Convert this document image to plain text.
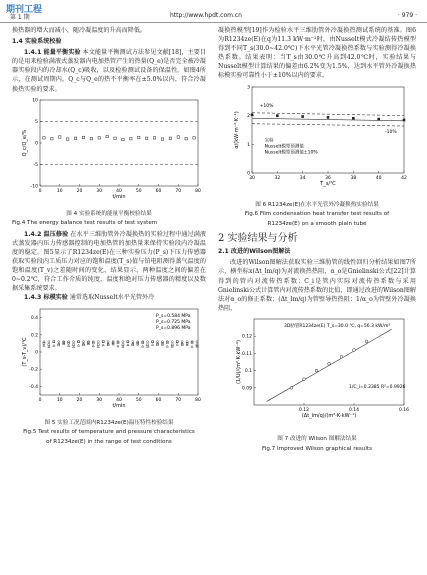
期刊工程
第 1 期	http://www.hpdt.com.cn	· 979 ·

换热器的增大而减小，随冷凝温度的升高而降低。

1.4 实验系统校验

1.4.1 能量平衡实验 本文能量平衡测试方法参见文献[18]，主要目的是用来检验满液式蒸发器内电加热管产生的热量(Q_e)是否完全被冷凝器实验段内的冷却水(Q_c)吸收，以及检验测试设备的保温性。如图4所示，在测试周期内，Q_c与Q_e的热不平衡率在±5.0%以内，符合冷凝换热实验的要求。

0	10	20	30	40	50	60	70	80
-10
-5
0
5
10
t/min
Q_c/Q_e/%
图 4 实验系统的能量平衡校验结果
Fig.4 The energy balance test results of test system

1.4.2 温压修验 在水平三维肋管外冷凝换热的实验过程中通过满液式蒸发器内压力传感器控制的电加热管的加热量来保持实验段内冷凝温度的稳定。图5显示了R1234ze(E)在三种实验压力(P_s)下压力传感器获取实验段内工质压力对应的饱和温度(T_s)值与铂电阻测得蒸气温度的饱和温度(T_v)之差随时间的变化，结果显示，两种温度之间的偏差在0~0.2℃，符合工作介质的纯度，温度和绝对压力传感器的精度以及数据采集系统要求。

1.4.3 标模实验 通常选取Nusselt水平光管外冷

0	10	20	30	40	50	60	70	80
-0.4
-0.2
0
0.2
0.4
t/min
(T_s-T_v)/℃
P_s=0.584 MPa
P_s=0.725 MPa
P_s=0.896 MPa
图 5 实验工况范围内R1234ze(E)温压特性校验结果
Fig.5 Test results of temperature and pressure characteristics
of R1234ze(E) in the range of test conditions

凝换热模型[19]作为检验水平三维肋管外冷凝换热测试系统的基准。图6为R1234ze(E)在q为11.3 kW·m⁻²时，由Nusselt模式冷凝结传热模型得到不同T_s(30.0~42.0℃)下水平光管冷凝换热系数与实验测得冷凝换热系数。结果表明：当T_s由30.0℃升高到42.0℃时，实验结果与Nusselt模型计算结果的偏差由6.2%变为1.5%，达到水平管外冷凝换热标模实验可靠性小于±10%以内的要求。

30	32	34	36	38	40	42
0
1
2
3
T_s/℃
α/(kW·m⁻²·K⁻¹)
+10%
-10%
实验
Nusselt模型预测值
Nusselt模型预测值±10%
图 6 R1234ze(E)在水平光管外冷凝换热实验结果
Fig.6 Film condensation heat transfer test results of
R1234ze(E) on a smooth plain tube
2 实验结果与分析
2.1 改进的Wilson图解法

改进的Wilson图解法获取实验三维肋管的线性回归分析结果如图7所示，横坐标x(Δt_lm/q)为对流换热热阻，α_o是Gnielinski公式[22]计算得到的管内对流传热系数；C_i是管内实际对流传热系数与采用Gnielinski公式计算管内对流传热系数的比值，即通过改进的Wilson图解法对α_o的修正系数；(Δt_lm/q)为管壁导热热阻；1/α_o为管壁外冷凝换热阻，

0.12	0.14	0.16
0.09
0.1
0.11
0.12
(Δt_lm/q)/(m²·K·kW⁻¹)
(1/U)/(m²·K·kW⁻¹)
3D肋管R1234ze(E) T_s=30.0 ℃, q=56.3 kW/m²
1/C_i=0.2385 R²=0.9926
图 7 改进的 Wilson 图解法结果
Fig.7 Improved Wilson graphical results
